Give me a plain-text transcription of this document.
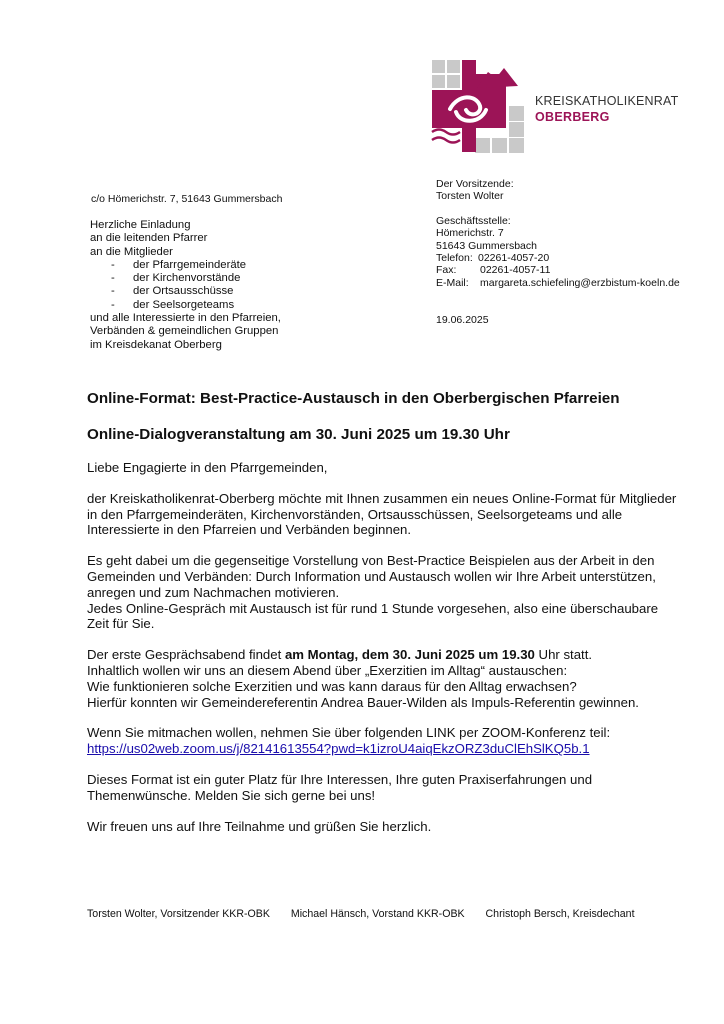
KREISKATHOLIKENRAT
OBERBERG
c/o Hömerichstr. 7, 51643 Gummersbach
Herzliche Einladung
an die leitenden Pfarrer
an die Mitglieder
- der Pfarrgemeinderäte
- der Kirchenvorstände
- der Ortsausschüsse
- der Seelsorgeteams
und alle Interessierte in den Pfarreien,
Verbänden & gemeindlichen Gruppen
im Kreisdekanat Oberberg
Der Vorsitzende:
Torsten Wolter
Geschäftsstelle:
Hömerichstr. 7
51643 Gummersbach
Telefon: 02261-4057-20
Fax: 02261-4057-11
E-Mail: margareta.schiefeling@erzbistum-koeln.de
19.06.2025
Online-Format: Best-Practice-Austausch in den Oberbergischen Pfarreien
Online-Dialogveranstaltung am 30. Juni 2025 um 19.30 Uhr

Liebe Engagierte in den Pfarrgemeinden,

der Kreiskatholikenrat-Oberberg möchte mit Ihnen zusammen ein neues Online-Format für Mitglieder
in den Pfarrgemeinderäten, Kirchenvorständen, Ortsausschüssen, Seelsorgeteams und alle
Interessierte in den Pfarreien und Verbänden beginnen.
Es geht dabei um die gegenseitige Vorstellung von Best-Practice Beispielen aus der Arbeit in den
Gemeinden und Verbänden: Durch Information und Austausch wollen wir Ihre Arbeit unterstützen,
anregen und zum Nachmachen motivieren.
Jedes Online-Gespräch mit Austausch ist für rund 1 Stunde vorgesehen, also eine überschaubare
Zeit für Sie.
Der erste Gesprächsabend findet am Montag, dem 30. Juni 2025 um 19.30 Uhr statt.
Inhaltlich wollen wir uns an diesem Abend über „Exerzitien im Alltag“ austauschen:
Wie funktionieren solche Exerzitien und was kann daraus für den Alltag erwachsen?
Hierfür konnten wir Gemeindereferentin Andrea Bauer-Wilden als Impuls-Referentin gewinnen.
Wenn Sie mitmachen wollen, nehmen Sie über folgenden LINK per ZOOM-Konferenz teil:
https://us02web.zoom.us/j/82141613554?pwd=k1izroU4aiqEkzORZ3duClEhSlKQ5b.1
Dieses Format ist ein guter Platz für Ihre Interessen, Ihre guten Praxiserfahrungen und
Themenwünsche. Melden Sie sich gerne bei uns!

Wir freuen uns auf Ihre Teilnahme und grüßen Sie herzlich.

Torsten Wolter, Vorsitzender KKR-OBK Michael Hänsch, Vorstand KKR-OBK Christoph Bersch, Kreisdechant
